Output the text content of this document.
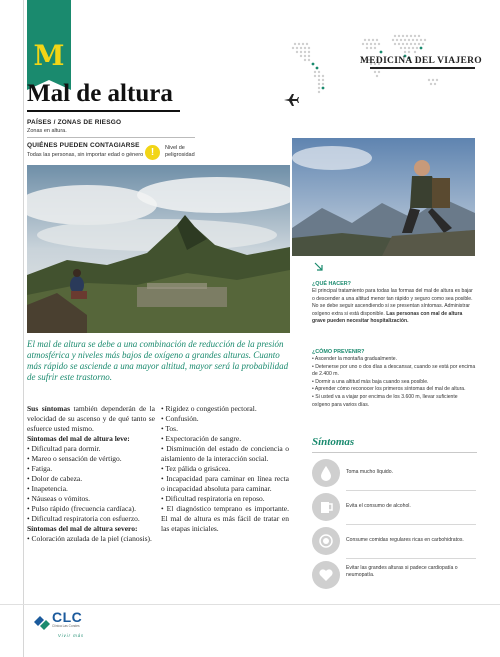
M	MEDICINA DEL VIAJERO
Mal de altura
PAÍSES / ZONAS DE RIESGO
Zonas en altura.
QUIÉNES PUEDEN CONTAGIARSE
Todas las personas, sin importar edad o género !	Nivel de
peligrosidad
¿QUÉ HACER?
El principal tratamiento para todas las formas del mal de altura es bajar o descender a una altitud menor tan rápido y seguro como sea posible. No se debe seguir ascendiendo si se presentan síntomas. Administrar oxígeno extra si está disponible. Las personas con mal de altura grave pueden necesitar hospitalización.
¿CÓMO PREVENIR?
• Ascender la montaña gradualmente.
• Detenerse por uno o dos días a descansar, cuando se está por encima de 2.400 m.
• Dormir a una altitud más baja cuando sea posible.
• Aprender cómo reconocer los primeros síntomas del mal de altura.
• Si usted va a viajar por encima de los 3.600 m, llevar suficiente oxígeno para varios días.
Síntomas
Toma mucho líquido.
Evita el consumo de alcohol.
Consume comidas regulares ricas en carbohidratos.
Evitar las grandes alturas si padece cardiopatía o neumopatía.
El mal de altura se debe a una combinación de reducción de la presión atmosférica y niveles más bajos de oxígeno a grandes alturas. Cuanto más rápido se asciende a una mayor altitud, mayor será la probabilidad de sufrir este trastorno.

Sus síntomas también dependerán de la velocidad de su ascenso y de qué tanto se esfuerce usted mismo.

Síntomas del mal de altura leve:

• Dificultad para dormir.

• Mareo o sensación de vértigo.

• Fatiga.

• Dolor de cabeza.

• Inapetencia.

• Náuseas o vómitos.

• Pulso rápido (frecuencia cardíaca).

• Dificultad respiratoria con esfuerzo.

Síntomas del mal de altura severo:

• Coloración azulada de la piel (cianosis).

• Rigidez o congestión pectoral.

• Confusión.

• Tos.

• Expectoración de sangre.

• Disminución del estado de conciencia o aislamiento de la interacción social.

• Tez pálida o grisácea.

• Incapacidad para caminar en línea recta o incapacidad absoluta para caminar.

• Dificultad respiratoria en reposo.

• El diagnóstico temprano es importante. El mal de altura es más fácil de tratar en las etapas iniciales.

CLC
Clínica Las Condes
Vivir más
